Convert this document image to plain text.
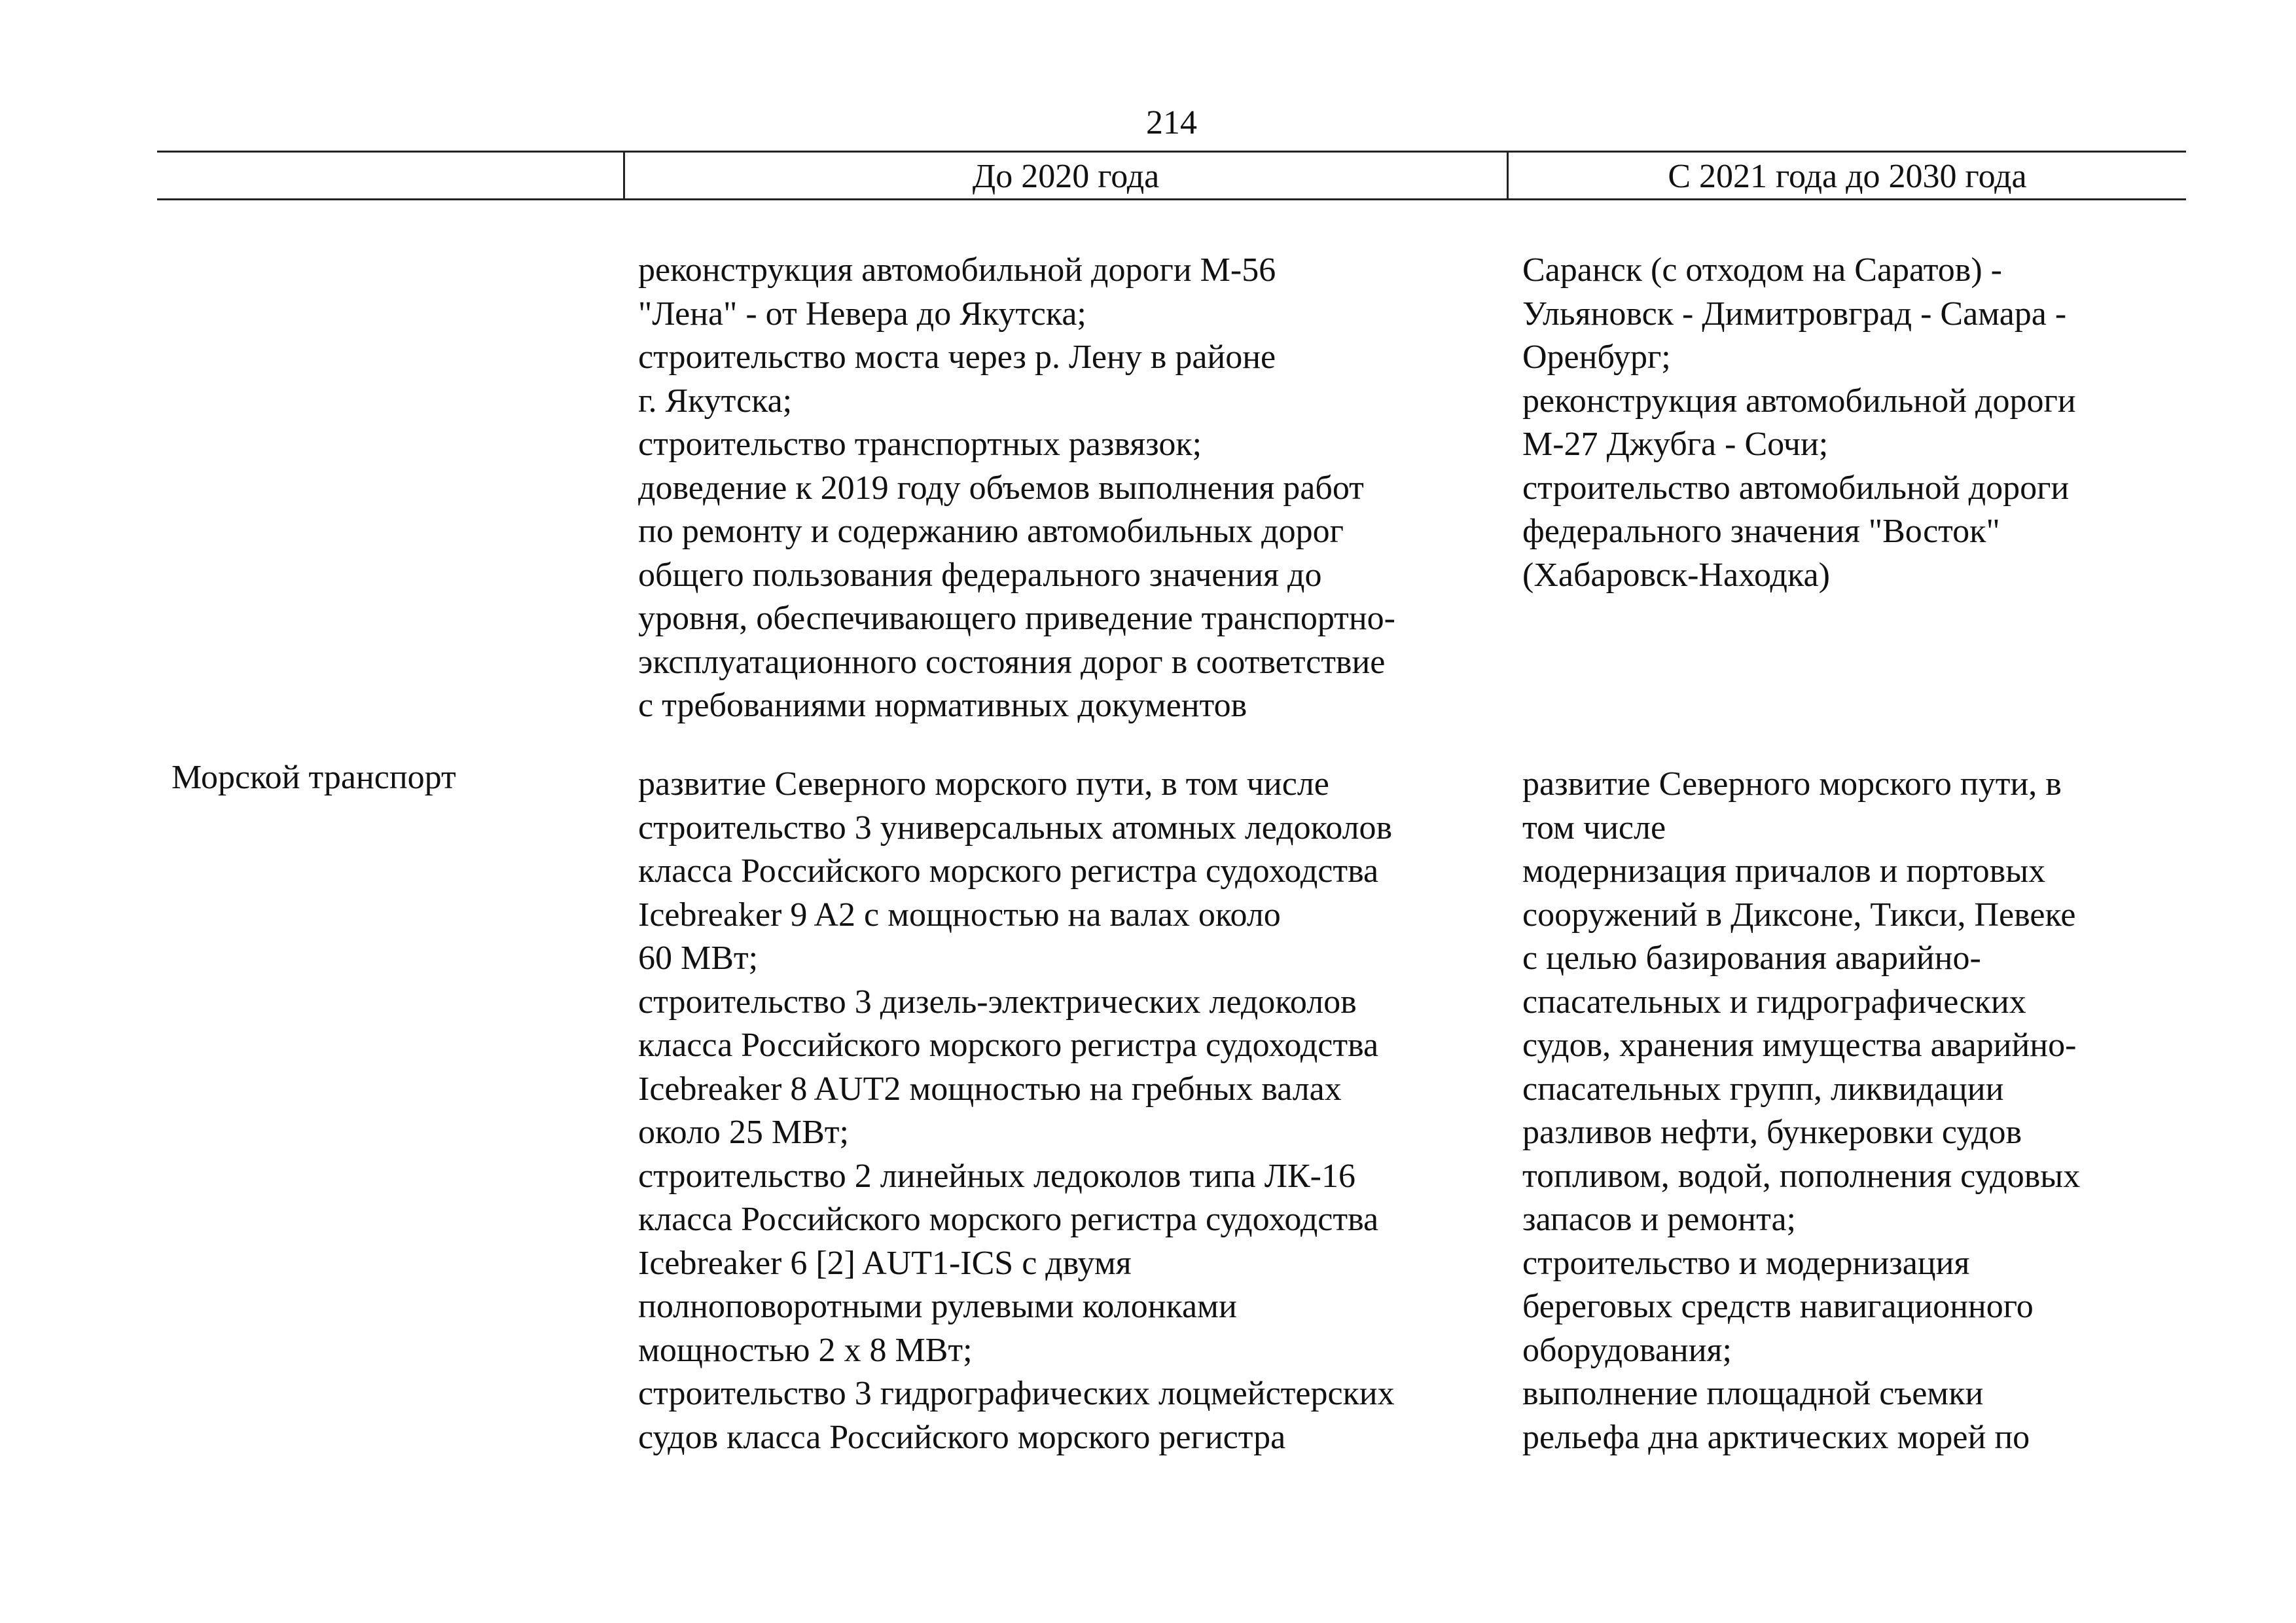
214
До 2020 года	С 2021 года до 2030 года
реконструкция автомобильной дороги М-56
"Лена" - от Невера до Якутска;
строительство моста через р. Лену в районе
г. Якутска;
строительство транспортных развязок;
доведение к 2019 году объемов выполнения работ
по ремонту и содержанию автомобильных дорог
общего пользования федерального значения до
уровня, обеспечивающего приведение транспортно-
эксплуатационного состояния дорог в соответствие
с требованиями нормативных документов
Саранск (с отходом на Саратов) -
Ульяновск - Димитровград - Самара -
Оренбург;
реконструкция автомобильной дороги
М-27 Джубга - Сочи;
строительство автомобильной дороги
федерального значения "Восток"
(Хабаровск-Находка)
Морской транспорт	развитие Северного морского пути, в том числе
строительство 3 универсальных атомных ледоколов
класса Российского морского регистра судоходства
Icebreaker 9 A2 с мощностью на валах около
60 МВт;
строительство 3 дизель-электрических ледоколов
класса Российского морского регистра судоходства
Icebreaker 8 AUT2 мощностью на гребных валах
около 25 МВт;
строительство 2 линейных ледоколов типа ЛК-16
класса Российского морского регистра судоходства
Icebreaker 6 [2] AUT1-ICS с двумя
полноповоротными рулевыми колонками
мощностью 2 х 8 МВт;
строительство 3 гидрографических лоцмейстерских
судов класса Российского морского регистра
развитие Северного морского пути, в
том числе
модернизация причалов и портовых
сооружений в Диксоне, Тикси, Певеке
с целью базирования аварийно-
спасательных и гидрографических
судов, хранения имущества аварийно-
спасательных групп, ликвидации
разливов нефти, бункеровки судов
топливом, водой, пополнения судовых
запасов и ремонта;
строительство и модернизация
береговых средств навигационного
оборудования;
выполнение площадной съемки
рельефа дна арктических морей по
